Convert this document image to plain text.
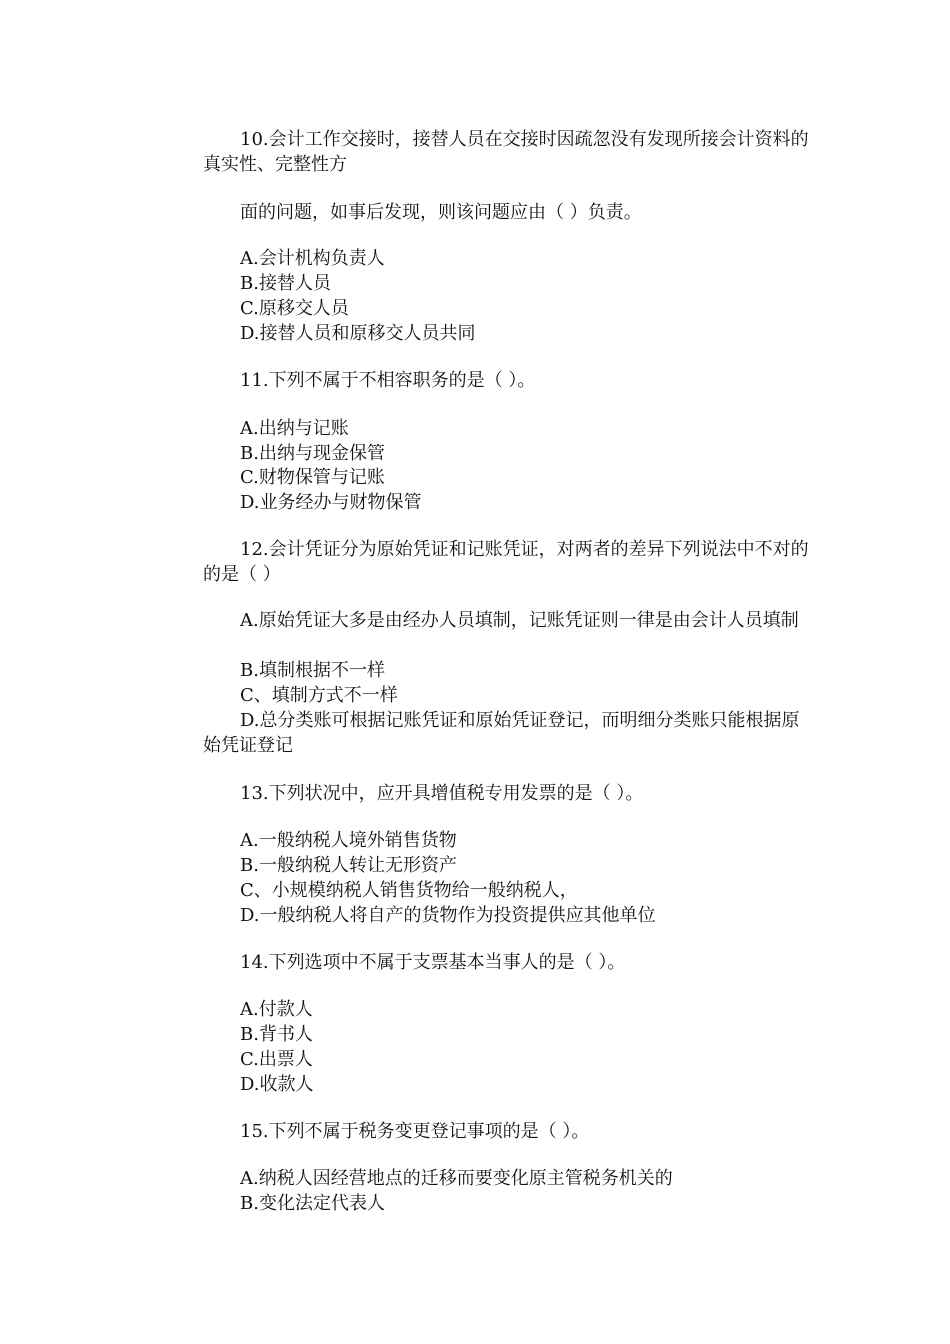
10.会计工作交接时，接替人员在交接时因疏忽没有发现所接会计资料的真实性、完整性方
面的问题，如事后发现，则该问题应由（ ）负责。
A.会计机构负责人
B.接替人员
C.原移交人员
D.接替人员和原移交人员共同
11.下列不属于不相容职务的是（ ）。
A.出纳与记账
B.出纳与现金保管
C.财物保管与记账
D.业务经办与财物保管
12.会计凭证分为原始凭证和记账凭证，对两者的差异下列说法中不对的的是（ ）
A.原始凭证大多是由经办人员填制，记账凭证则一律是由会计人员填制
B.填制根据不一样
C、填制方式不一样
D.总分类账可根据记账凭证和原始凭证登记，而明细分类账只能根据原始凭证登记
13.下列状况中，应开具增值税专用发票的是（ ）。
A.一般纳税人境外销售货物
B.一般纳税人转让无形资产
C、小规模纳税人销售货物给一般纳税人，
D.一般纳税人将自产的货物作为投资提供应其他单位
14.下列选项中不属于支票基本当事人的是（ ）。
A.付款人
B.背书人
C.出票人
D.收款人
15.下列不属于税务变更登记事项的是（ ）。
A.纳税人因经营地点的迁移而要变化原主管税务机关的
B.变化法定代表人
